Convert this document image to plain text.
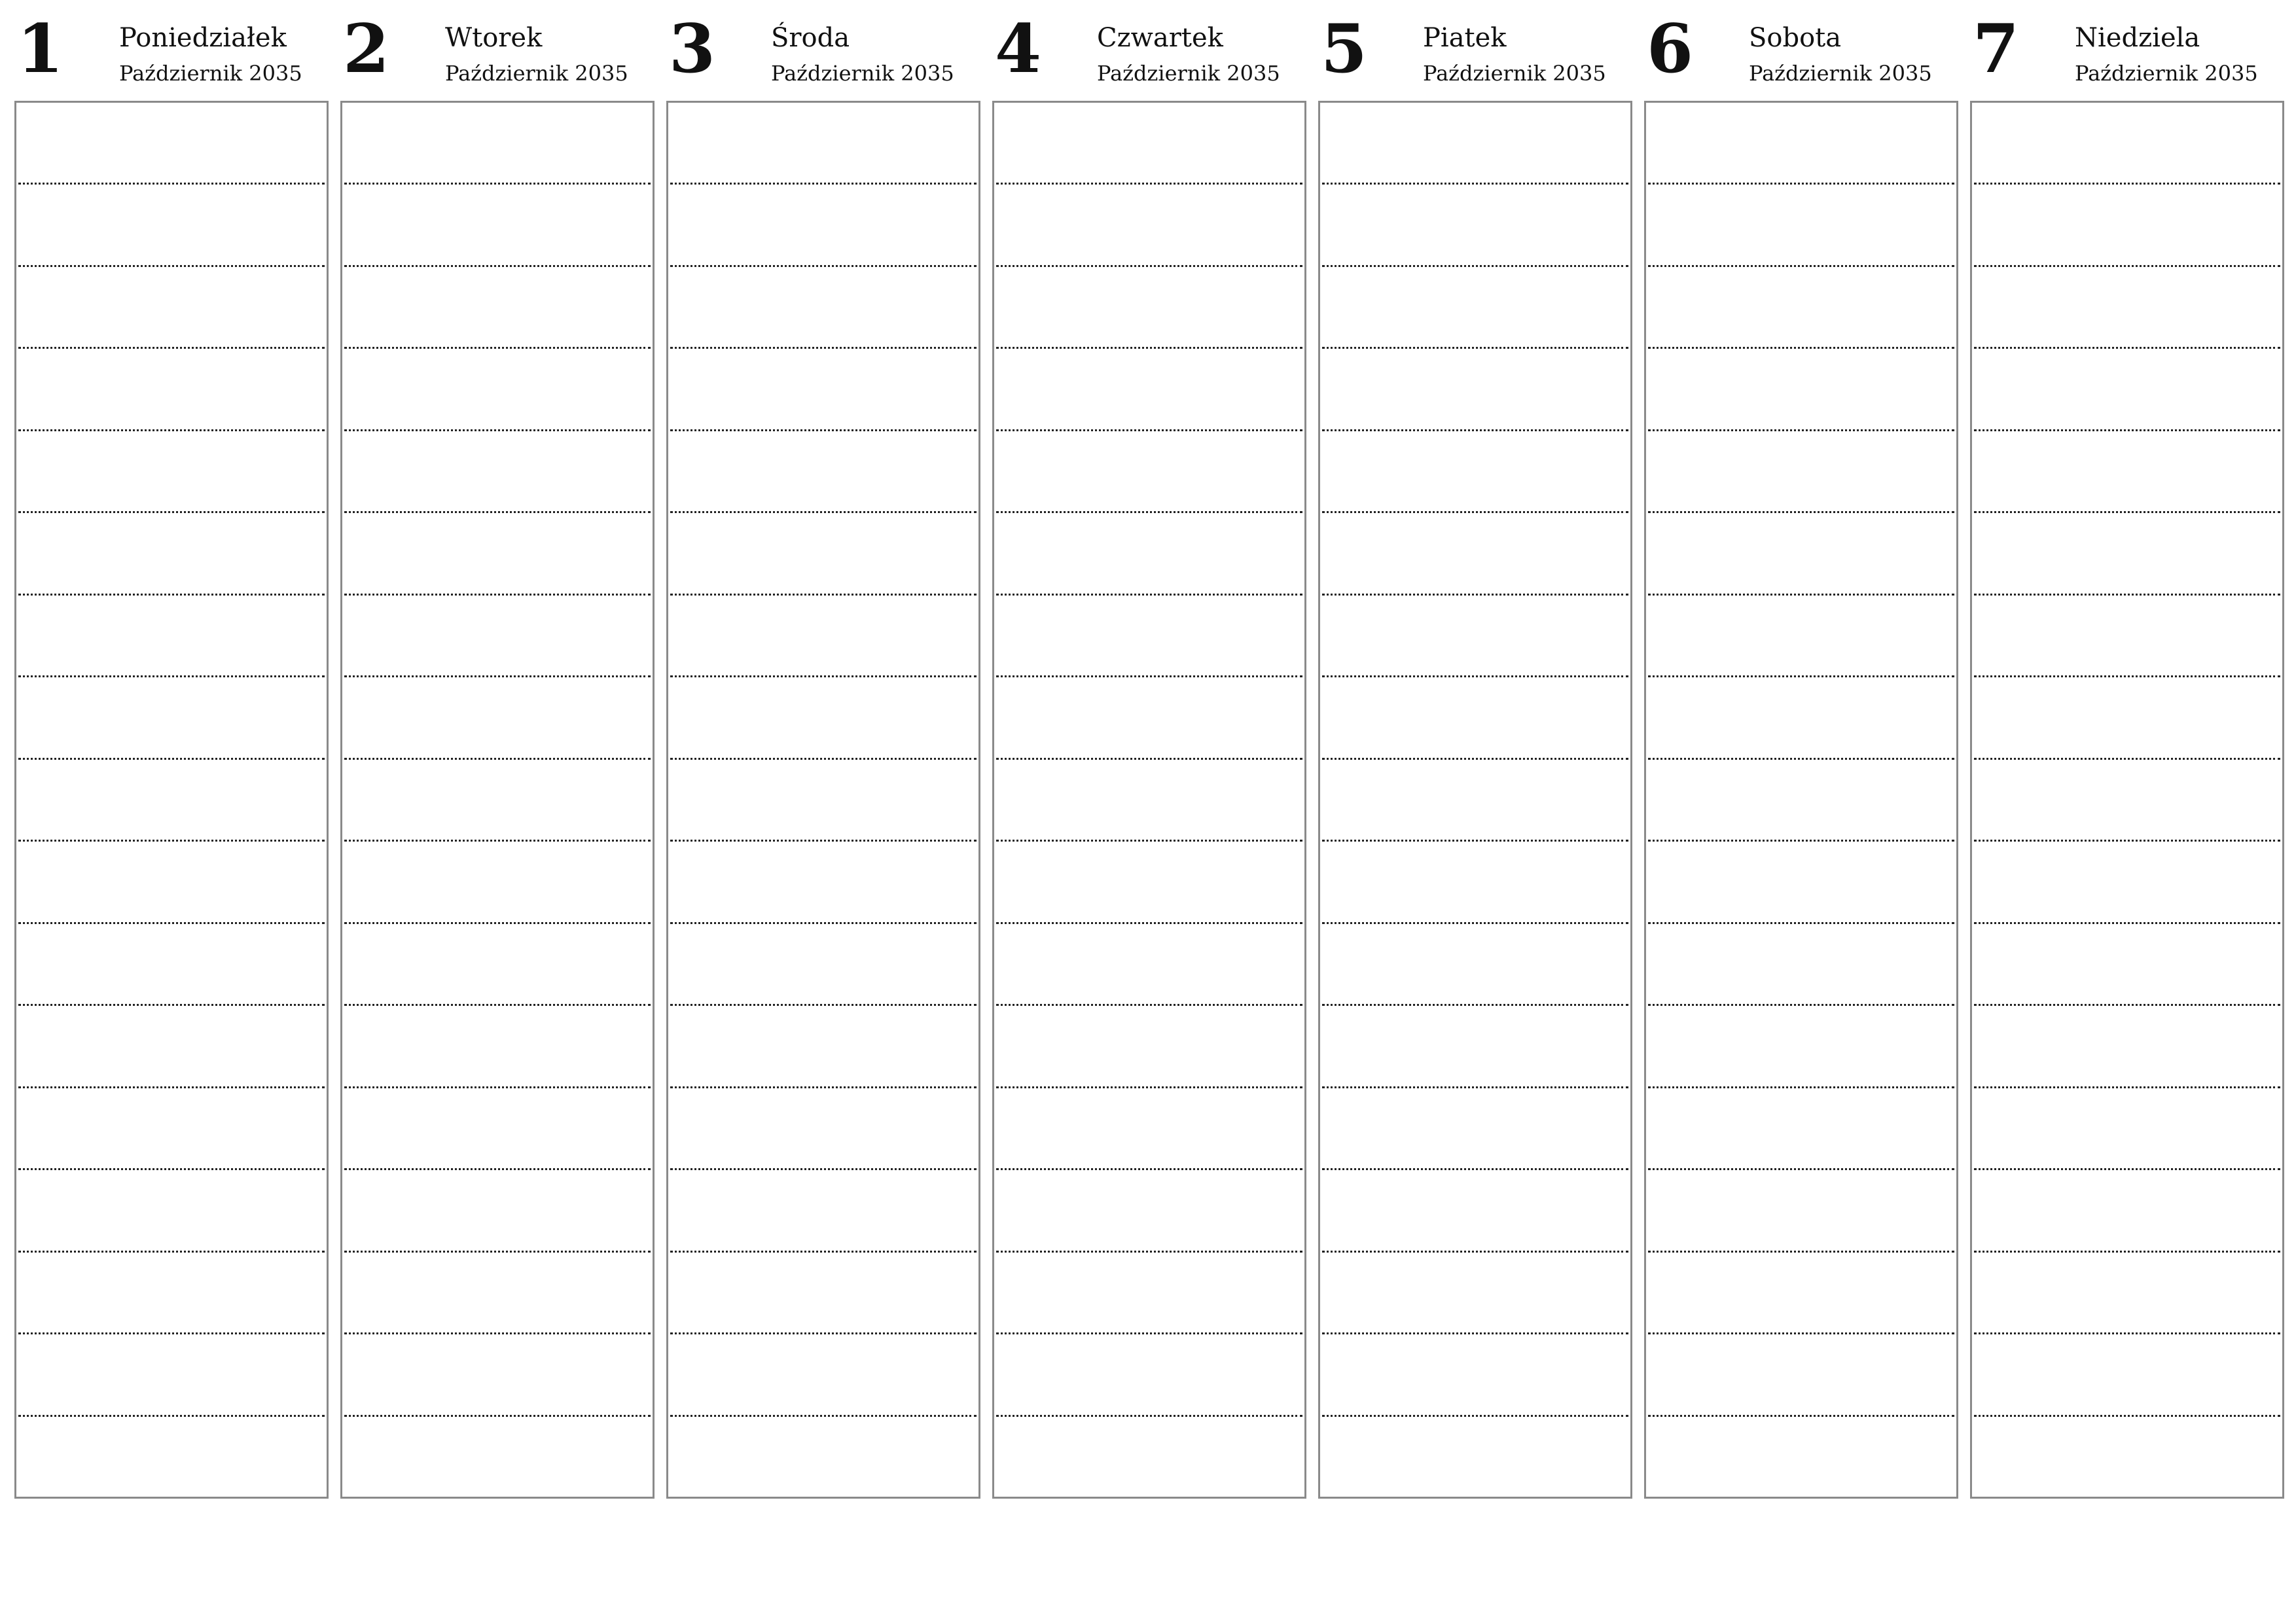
1 Poniedziałek
Październik 2035 2 Wtorek
Październik 2035 3 Środa
Październik 2035 4 Czwartek
Październik 2035 5 Piatek
Październik 2035 6 Sobota
Październik 2035 7 Niedziela
Październik 2035
